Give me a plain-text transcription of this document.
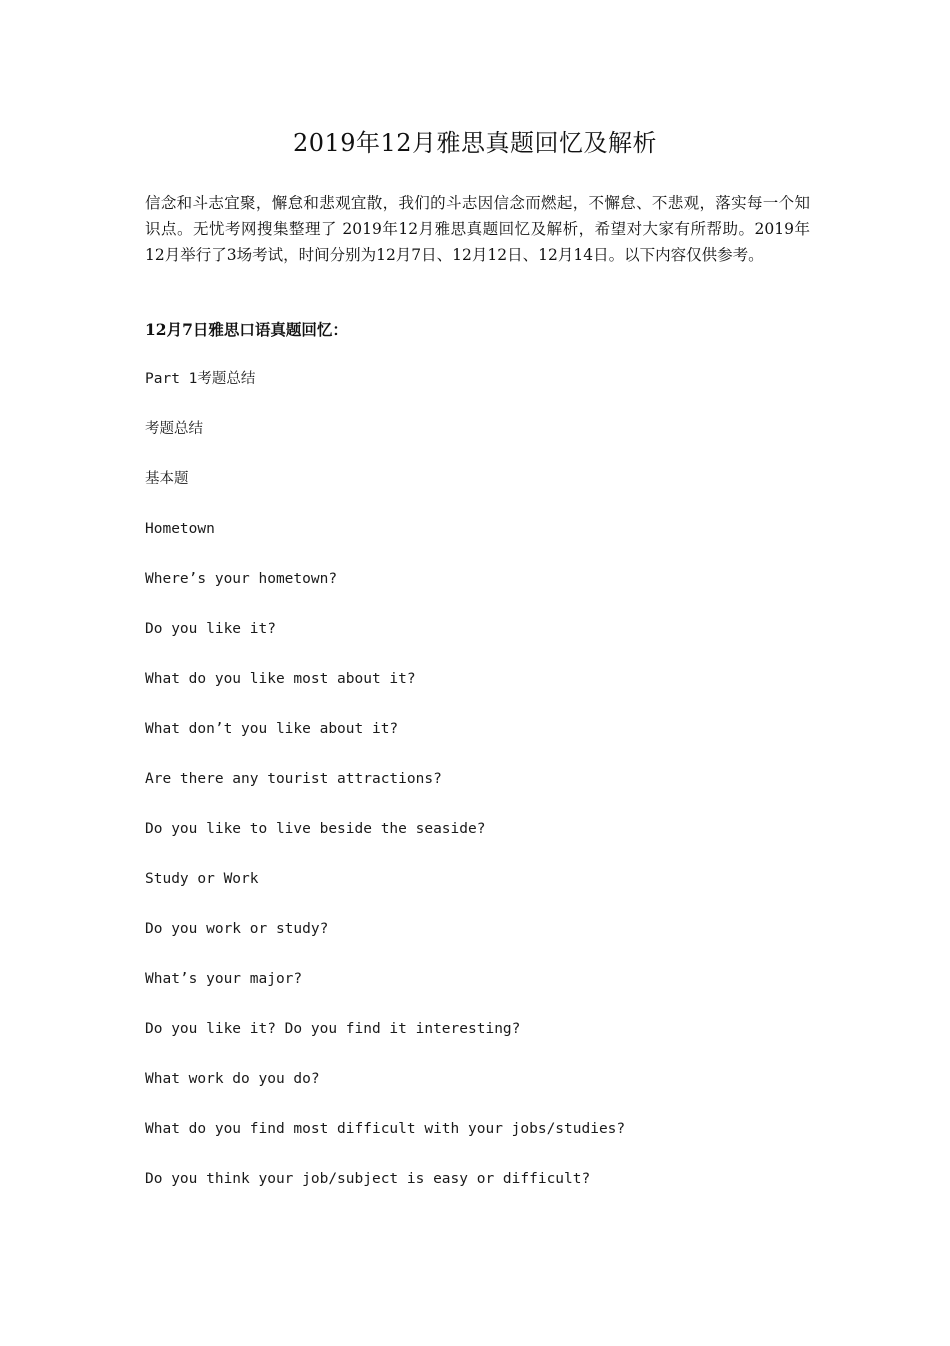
2019年12月雅思真题回忆及解析

信念和斗志宜聚，懈怠和悲观宜散，我们的斗志因信念而燃起，不懈怠、不悲观，落实每一个知识点。无忧考网搜集整理了 2019年12月雅思真题回忆及解析，希望对大家有所帮助。2019年12月举行了3场考试，时间分别为12月7日、12月12日、12月14日。以下内容仅供参考。

12月7日雅思口语真题回忆：

Part 1考题总结
考题总结
基本题
Hometown
Where’s your hometown?
Do you like it?
What do you like most about it?
What don’t you like about it?
Are there any tourist attractions?
Do you like to live beside the seaside?
Study or Work
Do you work or study?
What’s your major?
Do you like it? Do you find it interesting?
What work do you do?
What do you find most difficult with your jobs/studies?
Do you think your job/subject is easy or difficult?
